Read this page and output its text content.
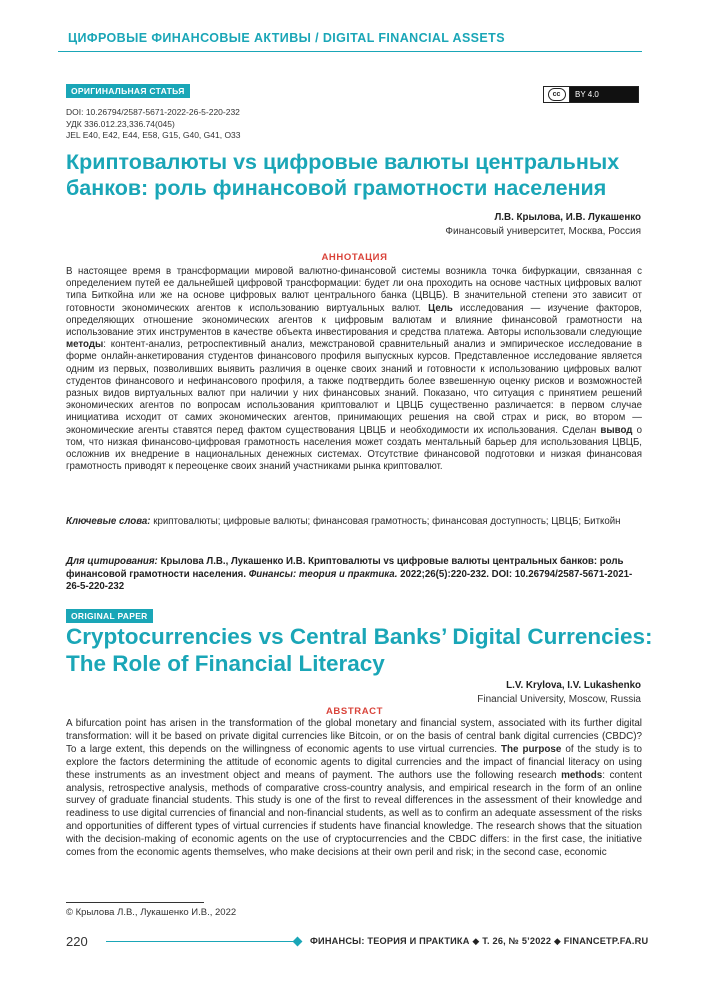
ЦИФРОВЫЕ ФИНАНСОВЫЕ АКТИВЫ / DIGITAL FINANCIAL ASSETS
ОРИГИНАЛЬНАЯ СТАТЬЯ	cc	BY 4.0
DOI: 10.26794/2587-5671-2022-26-5-220-232
УДК 336.012.23,336.74(045)
JEL E40, E42, E44, E58, G15, G40, G41, O33
Криптовалюты vs цифровые валюты центральных банков: роль финансовой грамотности населения
Л.В. Крылова, И.В. Лукашенко
Финансовый университет, Москва, Россия
АННОТАЦИЯ

В настоящее время в трансформации мировой валютно-финансовой системы возникла точка бифуркации, связанная с определением путей ее дальнейшей цифровой трансформации: будет ли она проходить на основе частных цифровых валют типа Биткойна или же на основе цифровых валют центрального банка (ЦВЦБ). В значительной степени это зависит от готовности экономических агентов к использованию виртуальных валют. Цель исследования — изучение факторов, определяющих отношение экономических агентов к цифровым валютам и влияние финансовой грамотности на использование этих инструментов в качестве объекта инвестирования и средства платежа. Авторы использовали следующие методы: контент-анализ, ретроспективный анализ, межстрановой сравнительный анализ и эмпирическое исследование в форме онлайн-анкетирования студентов финансового профиля выпускных курсов. Представленное исследование является одним из первых, позволивших выявить различия в оценке своих знаний и готовности к использованию цифровых валют студентов финансового и нефинансового профиля, а также подтвердить более взвешенную оценку рисков и возможностей разных видов виртуальных валют при наличии у них финансовых знаний. Показано, что ситуация с принятием решений экономических агентов по вопросам использования криптовалют и ЦВЦБ существенно различается: в первом случае инициатива исходит от самих экономических агентов, принимающих решения на свой страх и риск, во втором — экономические агенты ставятся перед фактом существования ЦВЦБ и необходимости их использования. Сделан вывод о том, что низкая финансово-цифровая грамотность населения может создать ментальный барьер для использования ЦВЦБ, осложнив их внедрение в национальных денежных системах. Отсутствие финансовой подготовки и низкая финансовая грамотность приводят к переоценке своих знаний участниками рынка криптовалют.

Ключевые слова: криптовалюты; цифровые валюты; финансовая грамотность; финансовая доступность; ЦВЦБ; Биткойн

Для цитирования: Крылова Л.В., Лукашенко И.В. Криптовалюты vs цифровые валюты центральных банков: роль финансовой грамотности населения. Финансы: теория и практика. 2022;26(5):220-232. DOI: 10.26794/2587-5671-2021-26-5-220-232

ORIGINAL PAPER
Cryptocurrencies vs Central Banks’ Digital Currencies: The Role of Financial Literacy
L.V. Krylova, I.V. Lukashenko
Financial University, Moscow, Russia
ABSTRACT

A bifurcation point has arisen in the transformation of the global monetary and financial system, associated with its further digital transformation: will it be based on private digital currencies like Bitcoin, or on the basis of central bank digital currencies (CBDC)? To a large extent, this depends on the willingness of economic agents to use virtual currencies. The purpose of the study is to explore the factors determining the attitude of economic agents to digital currencies and the impact of financial literacy on using these instruments as an investment object and means of payment. The authors use the following research methods: content analysis, retrospective analysis, methods of comparative cross-country analysis, and empirical research in the form of an online survey of graduate financial students. This study is one of the first to reveal differences in the assessment of their knowledge and readiness to use digital currencies of financial and non-financial students, as well as to confirm an adequate assessment of the risks and opportunities of different types of virtual currencies if students have financial knowledge. The research shows that the situation with the decision-making of economic agents on the use of cryptocurrencies and the CBDC differs: in the first case, the initiative comes from the economic agents themselves, who make decisions at their own peril and risk; in the second case, economic

© Крылова Л.В., Лукашенко И.В., 2022
220	ФИНАНСЫ: ТЕОРИЯ И ПРАКТИКА ◆ Т. 26, № 5’2022 ◆ FINANCETP.FA.RU
